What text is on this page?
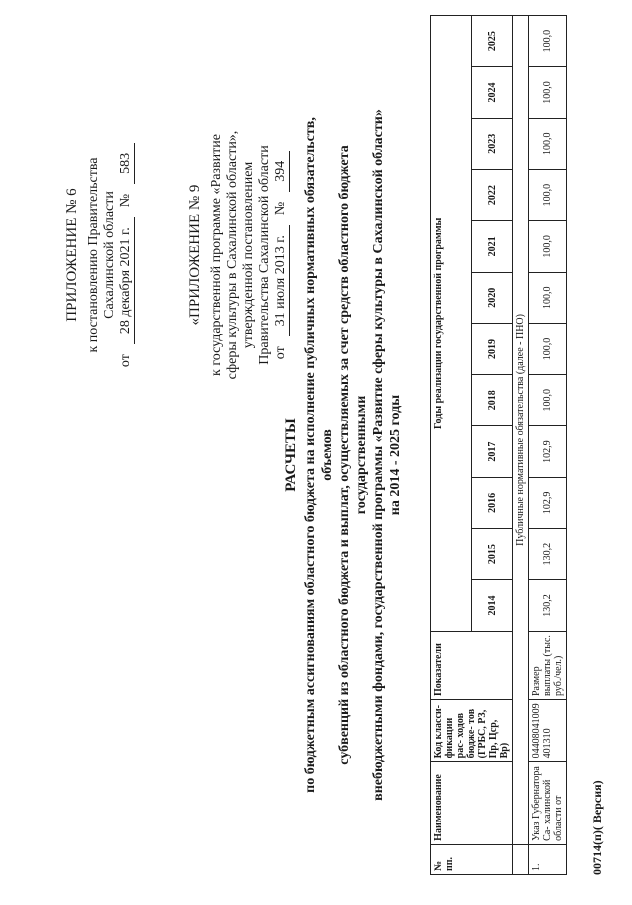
ПРИЛОЖЕНИЕ № 6 к постановлению Правительства Сахалинской области
от
28 декабря 2021 г.
№
583
«ПРИЛОЖЕНИЕ № 9 к государственной программе «Развитие сферы культуры в Сахалинской области», утвержденной постановлением Правительства Сахалинской области от
31 июля 2013 г.
№
394
РАСЧЕТЫ по бюджетным ассигнованиям областного бюджета на исполнение публичных нормативных обязательств, объемов субвенций из областного бюджета и выплат, осуществляемых за счет средств областного бюджета государственными внебюджетными фондами, государственной программы «Развитие сферы культуры в Сахалинской области» на 2014 - 2025 годы
№ пп.	Наименование	Код класси- фикации рас- ходов бюдже- тов (ГРБС, РЗ, Пр, Цср, Вр)	Показатели	Годы реализации государственной программы											
				2014	2015	2016	2017	2018	2019	2020	2021	2022	2023	2024	2025
	Публичные нормативные обязательства (далее - ПНО)														
1.	Указ Губернатора Са- халинской области от	04408041009401310	Размер выплаты (тыс. руб./чел.)	130,2	130,2	102,9	102,9	100,0	100,0	100,0	100,0	100,0	100,0	100,0	100,0
00714(п)( Версия)
